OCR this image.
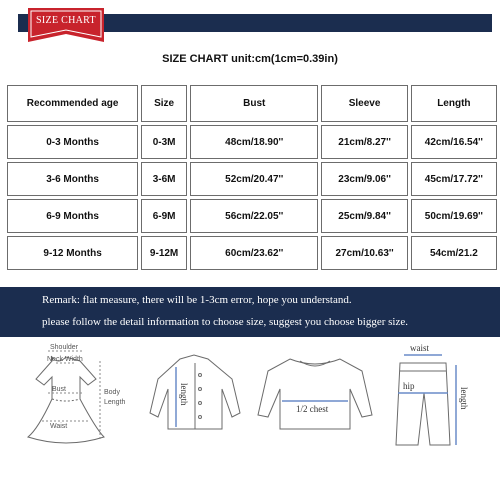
SIZE CHART
SIZE CHART unit:cm(1cm=0.39in)
Recommended age	Size	Bust	Sleeve	Length
0-3 Months	0-3M	48cm/18.90''	21cm/8.27''	42cm/16.54''
3-6 Months	3-6M	52cm/20.47''	23cm/9.06''	45cm/17.72''
6-9 Months	6-9M	56cm/22.05''	25cm/9.84''	50cm/19.69''
9-12 Months	9-12M	60cm/23.62''	27cm/10.63''	54cm/21.2
Remark: flat measure, there will be 1-3cm error, hope you understand.
please follow the detail information to choose size, suggest you choose bigger size.
Shoulder
Neck Width
Bust	Body
Length
Waist
length
1/2 chest
waist
hip
length
